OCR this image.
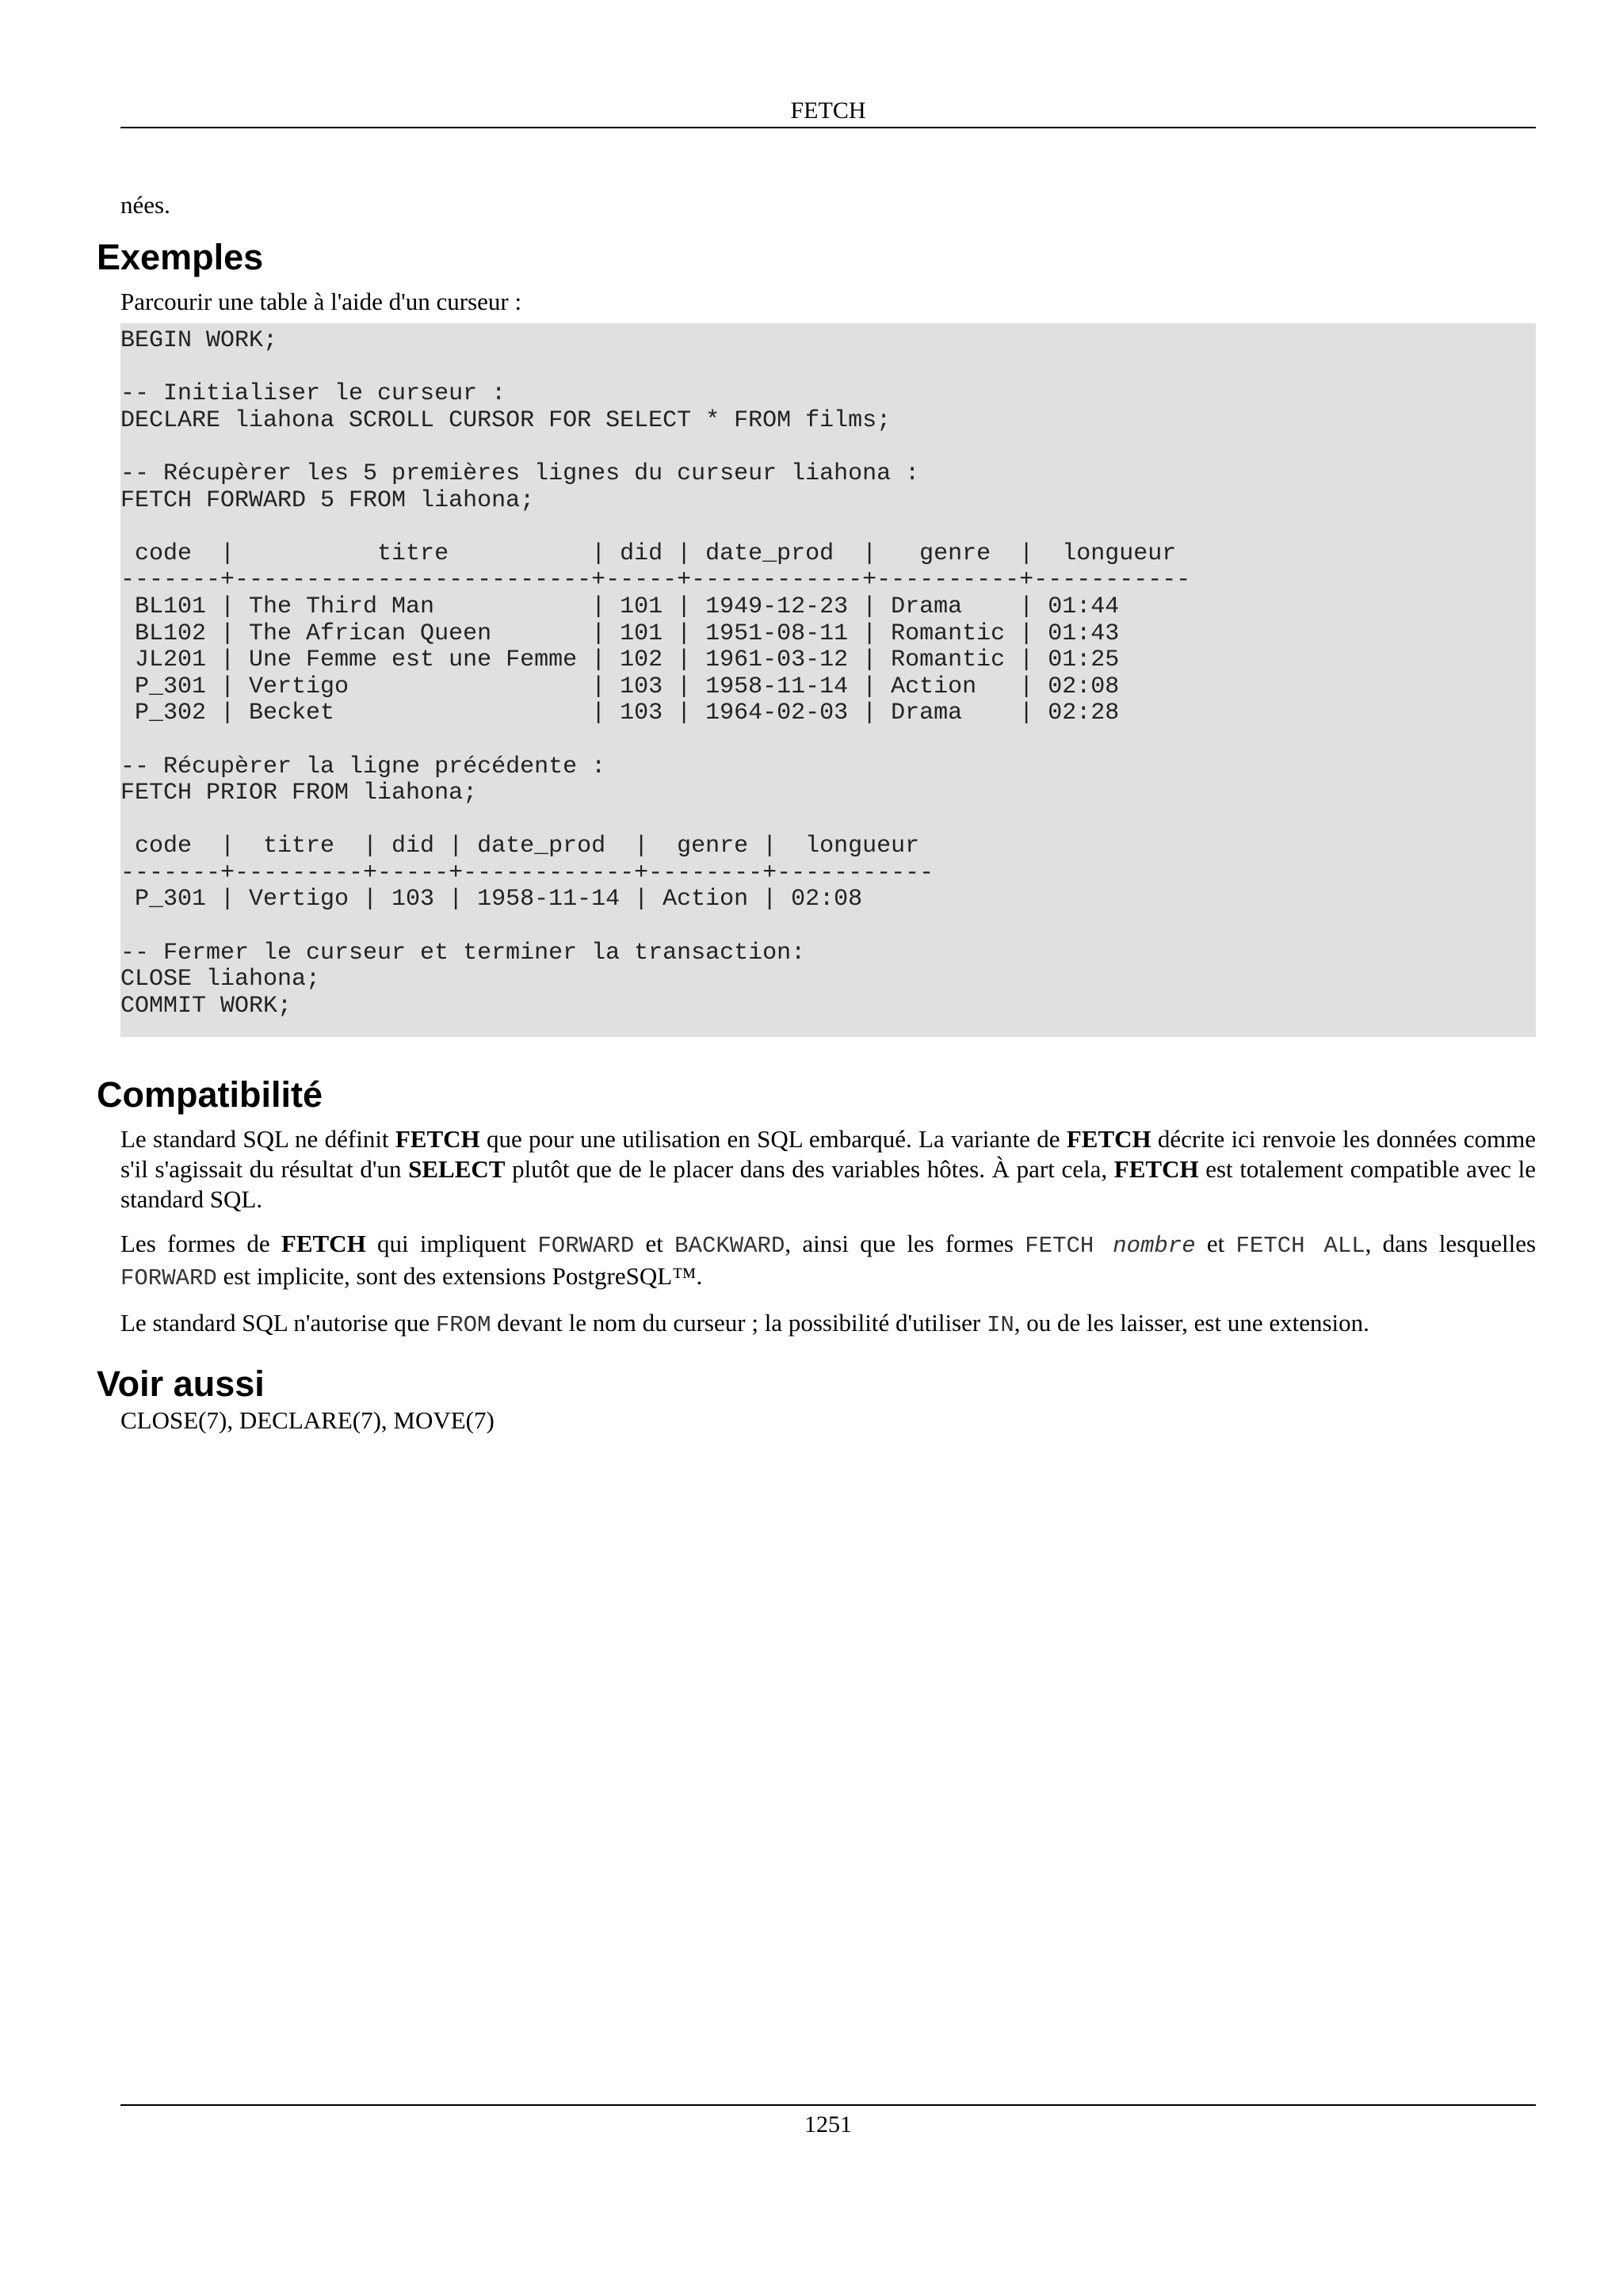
FETCH

nées.

Exemples

Parcourir une table à l'aide d'un curseur :

BEGIN WORK;
-- Initialiser le curseur :
DECLARE liahona SCROLL CURSOR FOR SELECT * FROM films;
-- Récupèrer les 5 premières lignes du curseur liahona :
FETCH FORWARD 5 FROM liahona;
code  |          titre          | did | date_prod  |   genre  |  longueur
-------+-------------------------+-----+------------+----------+-----------
BL101 | The Third Man           | 101 | 1949-12-23 | Drama    | 01:44
BL102 | The African Queen       | 101 | 1951-08-11 | Romantic | 01:43
JL201 | Une Femme est une Femme | 102 | 1961-03-12 | Romantic | 01:25
P_301 | Vertigo                 | 103 | 1958-11-14 | Action   | 02:08
P_302 | Becket                  | 103 | 1964-02-03 | Drama    | 02:28
-- Récupèrer la ligne précédente :
FETCH PRIOR FROM liahona;
code  |  titre  | did | date_prod  |  genre |  longueur
-------+---------+-----+------------+--------+-----------
P_301 | Vertigo | 103 | 1958-11-14 | Action | 02:08
-- Fermer le curseur et terminer la transaction:
CLOSE liahona;
COMMIT WORK;
Compatibilité

Le standard SQL ne définit FETCH que pour une utilisation en SQL embarqué. La variante de FETCH décrite ici renvoie les données comme s'il s'agissait du résultat d'un SELECT plutôt que de le placer dans des variables hôtes. À part cela, FETCH est totalement compatible avec le standard SQL.

Les formes de FETCH qui impliquent FORWARD et BACKWARD, ainsi que les formes FETCH nombre et FETCH ALL, dans lesquelles FORWARD est implicite, sont des extensions PostgreSQL™.

Le standard SQL n'autorise que FROM devant le nom du curseur ; la possibilité d'utiliser IN, ou de les laisser, est une extension.

Voir aussi

CLOSE(7), DECLARE(7), MOVE(7)

1251
